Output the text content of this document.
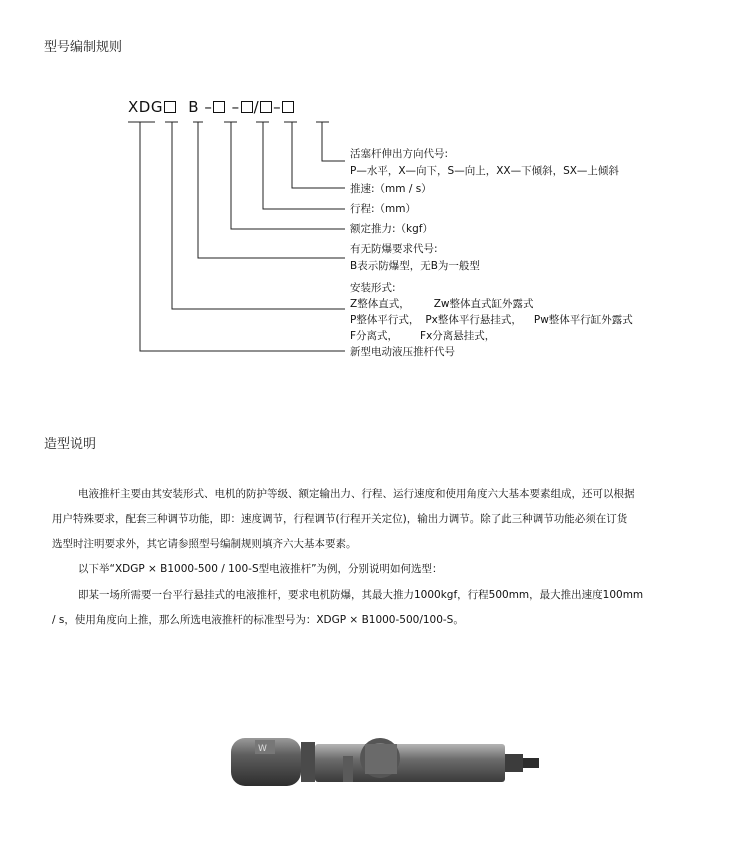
型号编制规则
XDG B – – / –
活塞杆伸出方向代号:
P—水平，X—向下，S—向上，XX—下倾斜，SX—上倾斜
推速:（mm / s）
行程:（mm）
额定推力:（kgf）
有无防爆要求代号:
B表示防爆型，无B为一般型
安装形式:
Z整体直式， Zw整体直式缸外露式
P整体平行式， Px整体平行悬挂式， Pw整体平行缸外露式
F分离式， Fx分离悬挂式，
新型电动液压推杆代号
造型说明
电液推杆主要由其安装形式、电机的防护等级、额定输出力、行程、运行速度和使用角度六大基本要素组成，还可以根据
用户特殊要求，配套三种调节功能，即：速度调节，行程调节(行程开关定位)，输出力调节。除了此三种调节功能必须在订货
选型时注明要求外，其它请参照型号编制规则填齐六大基本要素。
以下举“XDGP × B1000-500 / 100-S型电液推杆”为例，分别说明如何选型：
即某一场所需要一台平行悬挂式的电液推杆，要求电机防爆，其最大推力1000kgf，行程500mm，最大推出速度100mm
/ s，使用角度向上推，那么所选电液推杆的标准型号为：XDGP × B1000-500/100-S。
W
